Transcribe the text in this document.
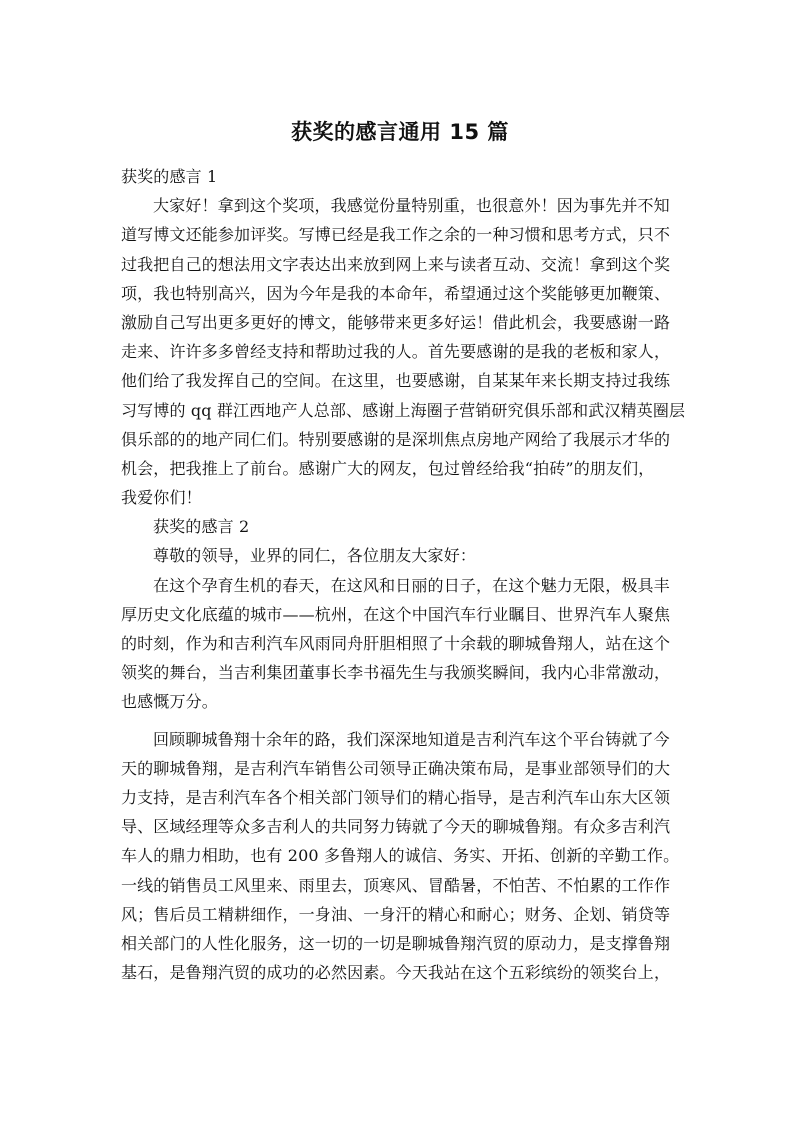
获奖的感言通用 15 篇
获奖的感言 1
大家好！拿到这个奖项，我感觉份量特别重，也很意外！因为事先并不知
道写博文还能参加评奖。写博已经是我工作之余的一种习惯和思考方式，只不
过我把自己的想法用文字表达出来放到网上来与读者互动、交流！拿到这个奖
项，我也特别高兴，因为今年是我的本命年，希望通过这个奖能够更加鞭策、
激励自己写出更多更好的博文，能够带来更多好运！借此机会，我要感谢一路
走来、许许多多曾经支持和帮助过我的人。首先要感谢的是我的老板和家人，
他们给了我发挥自己的空间。在这里，也要感谢，自某某年来长期支持过我练
习写博的 qq 群江西地产人总部、感谢上海圈子营销研究俱乐部和武汉精英圈层
俱乐部的的地产同仁们。特别要感谢的是深圳焦点房地产网给了我展示才华的
机会，把我推上了前台。感谢广大的网友，包过曾经给我“拍砖”的朋友们，
我爱你们！
获奖的感言 2
尊敬的领导，业界的同仁，各位朋友大家好：
在这个孕育生机的春天，在这风和日丽的日子，在这个魅力无限，极具丰
厚历史文化底蕴的城市——杭州，在这个中国汽车行业瞩目、世界汽车人聚焦
的时刻，作为和吉利汽车风雨同舟肝胆相照了十余载的聊城鲁翔人，站在这个
领奖的舞台，当吉利集团董事长李书福先生与我颁奖瞬间，我内心非常激动，
也感慨万分。
回顾聊城鲁翔十余年的路，我们深深地知道是吉利汽车这个平台铸就了今
天的聊城鲁翔，是吉利汽车销售公司领导正确决策布局，是事业部领导们的大
力支持，是吉利汽车各个相关部门领导们的精心指导，是吉利汽车山东大区领
导、区域经理等众多吉利人的共同努力铸就了今天的聊城鲁翔。有众多吉利汽
车人的鼎力相助，也有 200 多鲁翔人的诚信、务实、开拓、创新的辛勤工作。
一线的销售员工风里来、雨里去，顶寒风、冒酷暑，不怕苦、不怕累的工作作
风；售后员工精耕细作，一身油、一身汗的精心和耐心；财务、企划、销贷等
相关部门的人性化服务，这一切的一切是聊城鲁翔汽贸的原动力，是支撑鲁翔
基石，是鲁翔汽贸的成功的必然因素。今天我站在这个五彩缤纷的领奖台上，
